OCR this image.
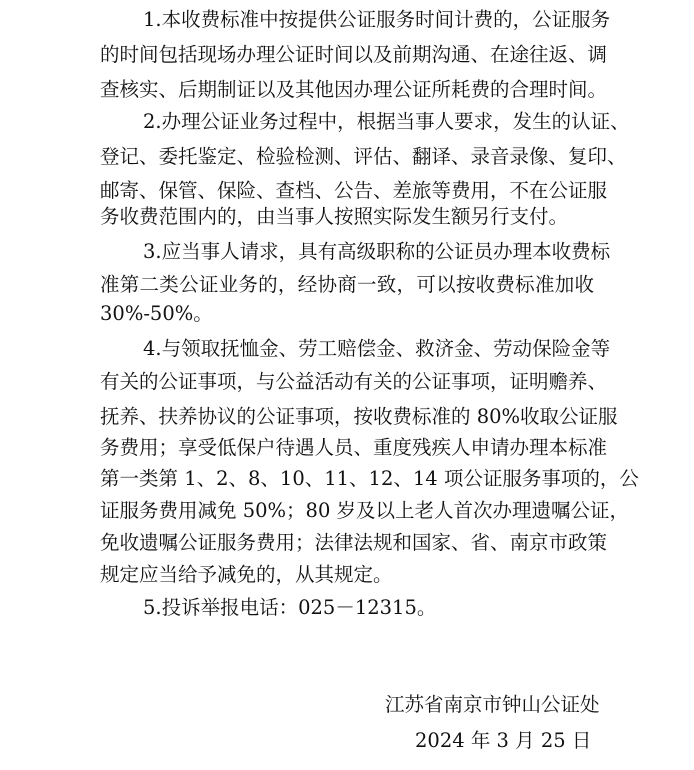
1.本收费标准中按提供公证服务时间计费的，公证服务
的时间包括现场办理公证时间以及前期沟通、在途往返、调
查核实、后期制证以及其他因办理公证所耗费的合理时间。
2.办理公证业务过程中，根据当事人要求，发生的认证、
登记、委托鉴定、检验检测、评估、翻译、录音录像、复印、
邮寄、保管、保险、查档、公告、差旅等费用，不在公证服
务收费范围内的，由当事人按照实际发生额另行支付。
3.应当事人请求，具有高级职称的公证员办理本收费标
准第二类公证业务的，经协商一致，可以按收费标准加收
30%-50%。
4.与领取抚恤金、劳工赔偿金、救济金、劳动保险金等
有关的公证事项，与公益活动有关的公证事项，证明赡养、
抚养、扶养协议的公证事项，按收费标准的 80%收取公证服
务费用；享受低保户待遇人员、重度残疾人申请办理本标准
第一类第 1、2、8、10、11、12、14 项公证服务事项的，公
证服务费用减免 50%；80 岁及以上老人首次办理遗嘱公证，
免收遗嘱公证服务费用；法律法规和国家、省、南京市政策
规定应当给予减免的，从其规定。
5.投诉举报电话：025－12315。
江苏省南京市钟山公证处
2024 年 3 月 25 日
